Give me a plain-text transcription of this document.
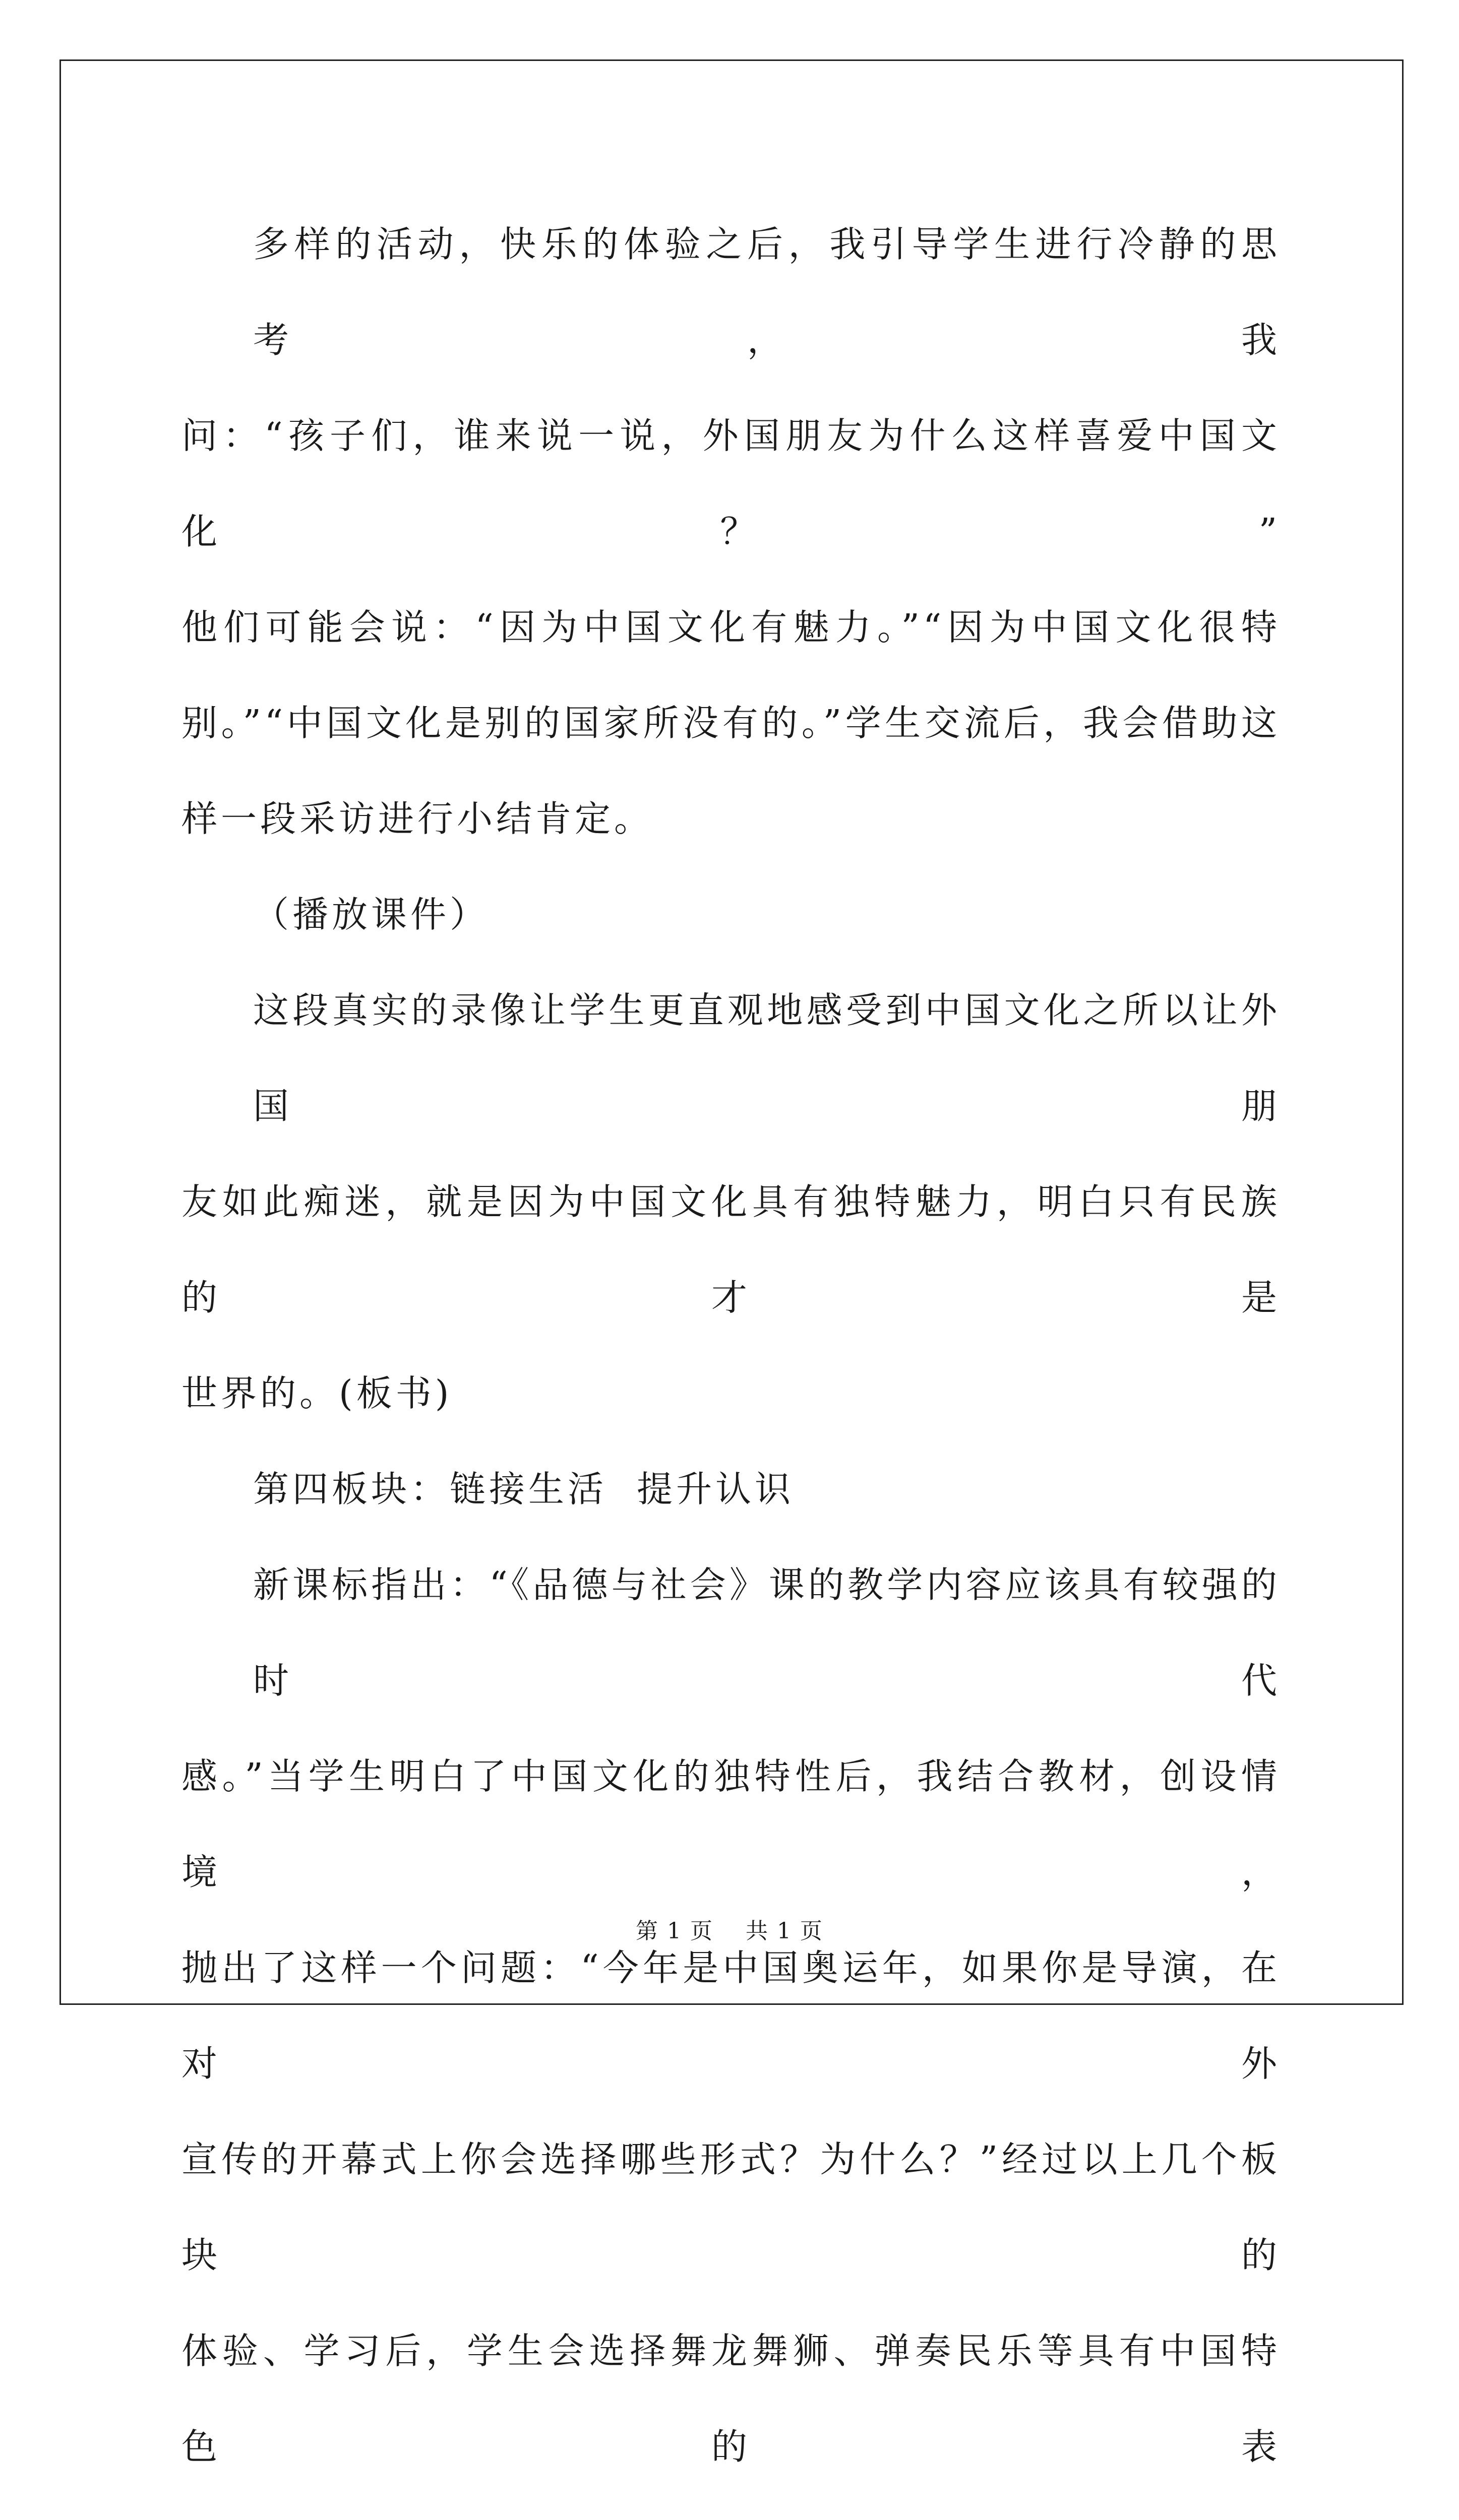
多样的活动，快乐的体验之后，我引导学生进行冷静的思考，我
问：“孩子们，谁来说一说，外国朋友为什么这样喜爱中国文化？”
他们可能会说：“因为中国文化有魅力。”“因为中国文化很特
别。”“中国文化是别的国家所没有的。”学生交流后，我会借助这
样一段采访进行小结肯定。

（播放课件）

这段真实的录像让学生更直观地感受到中国文化之所以让外国朋
友如此痴迷，就是因为中国文化具有独特魅力，明白只有民族的才是
世界的。(板书)

第四板块：链接生活  提升认识

新课标指出：“《品德与社会》课的教学内容应该具有较强的时代
感。”当学生明白了中国文化的独特性后，我结合教材，创设情境，
抛出了这样一个问题：“今年是中国奥运年，如果你是导演，在对外
宣传的开幕式上你会选择哪些形式？为什么？”经过以上几个板块的
体验、学习后，学生会选择舞龙舞狮、弹奏民乐等具有中国特色的表

第 1 页    共 1 页
